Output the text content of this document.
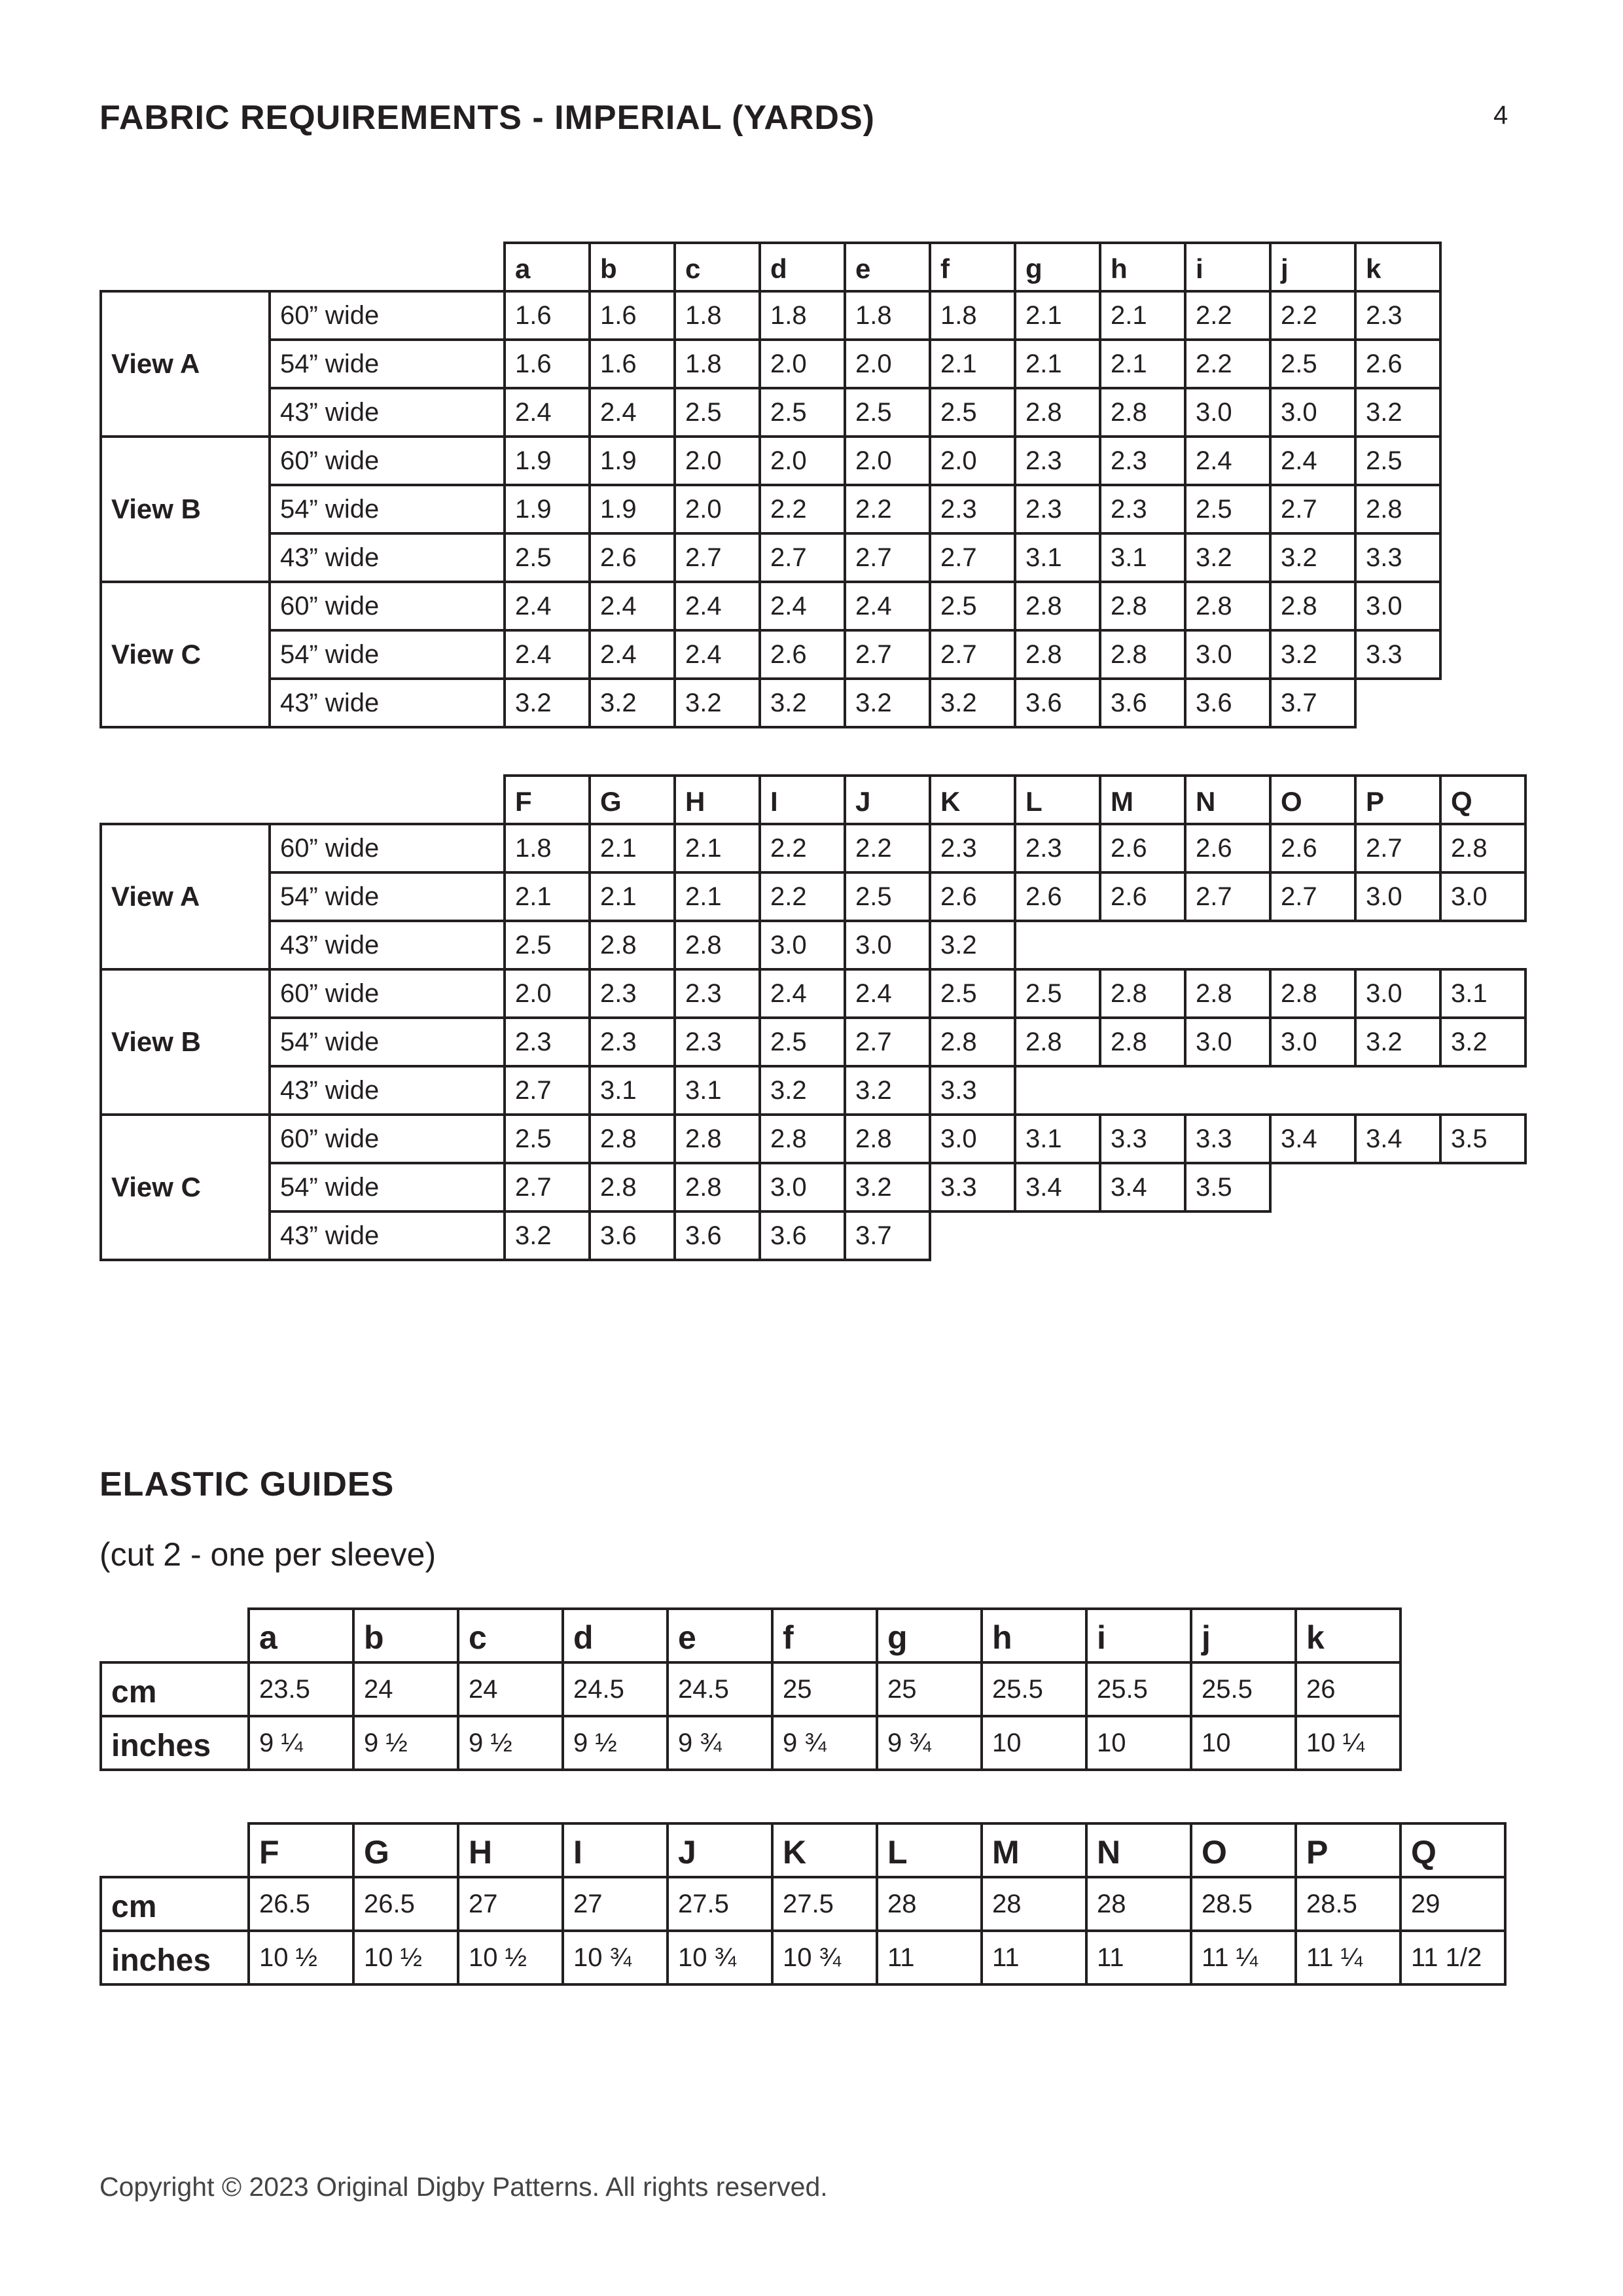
FABRIC REQUIREMENTS - IMPERIAL (YARDS)	4
a	b	c	d	e	f	g	h	i	j	k
View A
60” wide	1.6	1.6	1.8	1.8	1.8	1.8	2.1	2.1	2.2	2.2	2.3
54” wide	1.6	1.6	1.8	2.0	2.0	2.1	2.1	2.1	2.2	2.5	2.6
43” wide	2.4	2.4	2.5	2.5	2.5	2.5	2.8	2.8	3.0	3.0	3.2
View B
60” wide	1.9	1.9	2.0	2.0	2.0	2.0	2.3	2.3	2.4	2.4	2.5
54” wide	1.9	1.9	2.0	2.2	2.2	2.3	2.3	2.3	2.5	2.7	2.8
43” wide	2.5	2.6	2.7	2.7	2.7	2.7	3.1	3.1	3.2	3.2	3.3
View C
60” wide	2.4	2.4	2.4	2.4	2.4	2.5	2.8	2.8	2.8	2.8	3.0
54” wide	2.4	2.4	2.4	2.6	2.7	2.7	2.8	2.8	3.0	3.2	3.3
43” wide	3.2	3.2	3.2	3.2	3.2	3.2	3.6	3.6	3.6	3.7
F	G	H	I	J	K	L	M	N	O	P	Q
View A
60” wide	1.8	2.1	2.1	2.2	2.2	2.3	2.3	2.6	2.6	2.6	2.7	2.8
54” wide	2.1	2.1	2.1	2.2	2.5	2.6	2.6	2.6	2.7	2.7	3.0	3.0
43” wide	2.5	2.8	2.8	3.0	3.0	3.2
View B
60” wide	2.0	2.3	2.3	2.4	2.4	2.5	2.5	2.8	2.8	2.8	3.0	3.1
54” wide	2.3	2.3	2.3	2.5	2.7	2.8	2.8	2.8	3.0	3.0	3.2	3.2
43” wide	2.7	3.1	3.1	3.2	3.2	3.3
View C
60” wide	2.5	2.8	2.8	2.8	2.8	3.0	3.1	3.3	3.3	3.4	3.4	3.5
54” wide	2.7	2.8	2.8	3.0	3.2	3.3	3.4	3.4	3.5
43” wide	3.2	3.6	3.6	3.6	3.7
ELASTIC GUIDES
(cut 2 - one per sleeve)
a	b	c	d	e	f	g	h	i	j	k
cm	23.5	24	24	24.5	24.5	25	25	25.5	25.5	25.5	26
inches	9 ¼	9 ½	9 ½	9 ½	9 ¾	9 ¾	9 ¾	10	10	10	10 ¼
F	G	H	I	J	K	L	M	N	O	P	Q
cm	26.5	26.5	27	27	27.5	27.5	28	28	28	28.5	28.5	29
inches	10 ½	10 ½	10 ½	10 ¾	10 ¾	10 ¾	11	11	11	11 ¼	11 ¼	11 1/2
Copyright © 2023 Original Digby Patterns. All rights reserved.
